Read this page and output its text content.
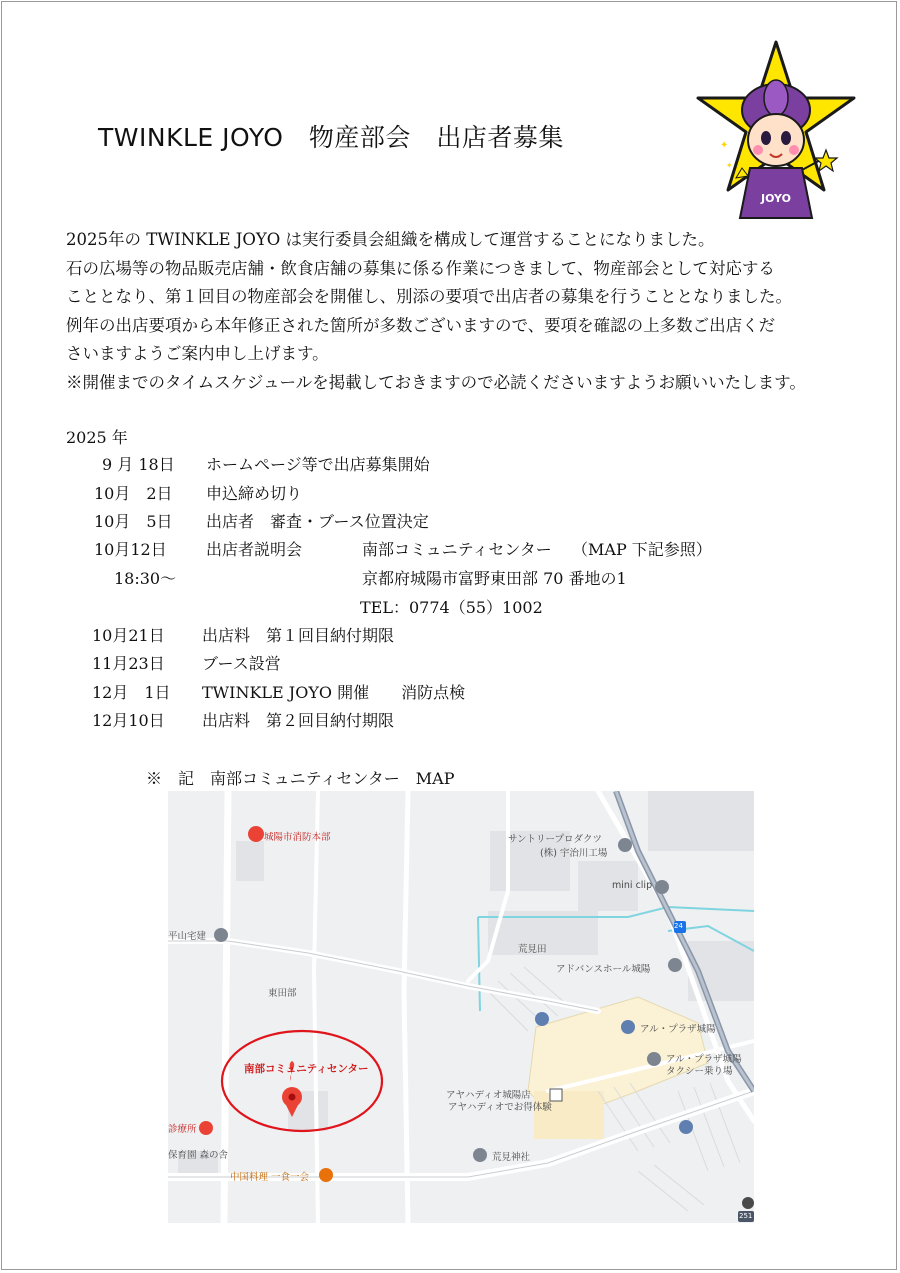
TWINKLE JOYO　物産部会　出店者募集
JOYO
✦
✦
2025年の TWINKLE JOYO は実行委員会組織を構成して運営することになりました。
石の広場等の物品販売店舗・飲食店舗の募集に係る作業につきまして、物産部会として対応する
こととなり、第１回目の物産部会を開催し、別添の要項で出店者の募集を行うこととなりました。
例年の出店要項から本年修正された箇所が多数ございますので、要項を確認の上多数ご出店くだ
さいますようご案内申し上げます。
※開催までのタイムスケジュールを掲載しておきますので必読くださいますようお願いいたします。
2025 年
9 月 18日 ホームページ等で出店募集開始
10月　2日 申込締め切り
10月　5日 出店者　審査・ブース位置決定
10月12日 出店者説明会	南部コミュニティセンター （MAP 下記参照）
18:30〜	京都府城陽市富野東田部 70 番地の1
TEL：0774（55）1002
10月21日 出店料　第１回目納付期限
11月23日 ブース設営
12月　1日 TWINKLE JOYO 開催　　消防点検
12月10日 出店料　第２回目納付期限
※　記　南部コミュニティセンター　MAP
城陽市消防本部	サントリープロダクツ
(株) 宇治川工場
mini clip
平山宅建
荒見田
アドバンスホール城陽
東田部
アル・プラザ城陽
アル・プラザ城陽
タクシー乗り場
南部コミュニティセンター
アヤハディオ城陽店
アヤハディオでお得体験
診療所
保育園 森の舎	荒見神社
中国料理 一食一会
24
251
